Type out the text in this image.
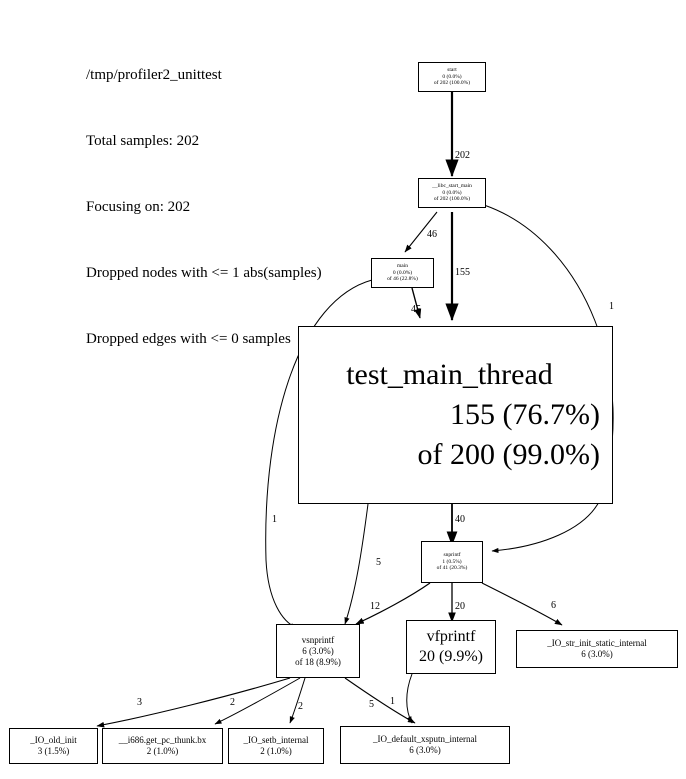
/tmp/profiler2_unittest

Total samples: 202

Focusing on: 202

Dropped nodes with <= 1 abs(samples)

Dropped edges with <= 0 samples

start
0 (0.0%)
of 202 (100.0%)
__libc_start_main
0 (0.0%)
of 202 (100.0%)
main
0 (0.0%)
of 46 (22.8%)
test_main_thread
155 (76.7%)
of 200 (99.0%)
snprintf
1 (0.5%)
of 41 (20.3%)
vsnprintf
6 (3.0%)
of 18 (8.9%)
vfprintf
20 (9.9%)
_IO_str_init_static_internal
6 (3.0%)
_IO_old_init
3 (1.5%)
__i686.get_pc_thunk.bx
2 (1.0%)
_IO_setb_internal
2 (1.0%)
_IO_default_xsputn_internal
6 (3.0%)
202
46
155
1
45
1	40
5
12	20	6
3	2	2	5 1
